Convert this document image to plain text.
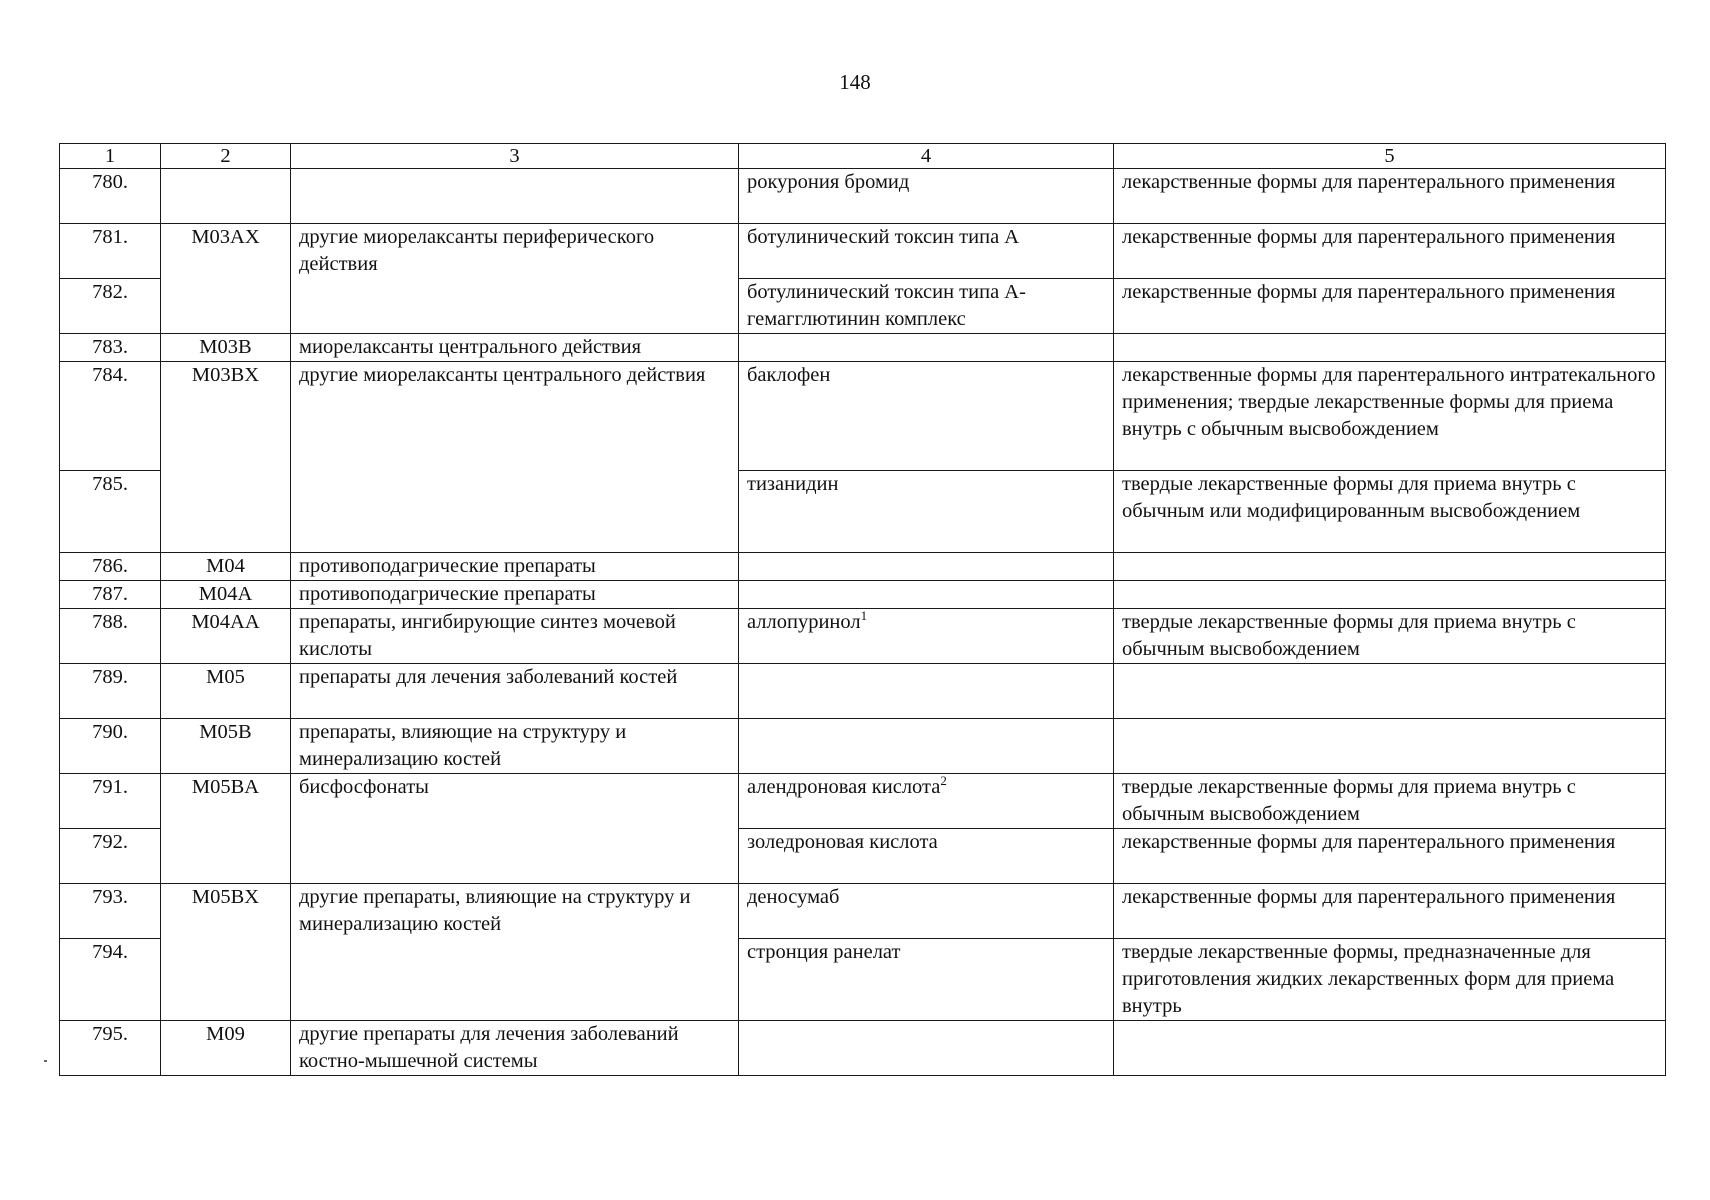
148
1	2	3	4	5
780.			рокурония бромид	лекарственные формы для парентерального применения
781.	M03AX	другие миорелаксанты периферического действия	ботулинический токсин типа А	лекарственные формы для парентерального применения
782.			ботулинический токсин типа А-гемагглютинин комплекс	лекарственные формы для парентерального применения
783.	M03B	миорелаксанты центрального действия		
784.	M03BX	другие миорелаксанты центрального действия	баклофен	лекарственные формы для парентерального интратекального применения; твердые лекарственные формы для приема внутрь с обычным высвобождением
785.			тизанидин	твердые лекарственные формы для приема внутрь с обычным или модифицированным высвобождением
786.	M04	противоподагрические препараты		
787.	M04A	противоподагрические препараты		
788.	M04AA	препараты, ингибирующие синтез мочевой кислоты	аллопуринол$^1$	твердые лекарственные формы для приема внутрь с обычным высвобождением
789.	M05	препараты для лечения заболеваний костей		
790.	M05B	препараты, влияющие на структуру и минерализацию костей		
791.	M05BA	бисфосфонаты	алендроновая кислота$^2$	твердые лекарственные формы для приема внутрь с обычным высвобождением
792.			золедроновая кислота	лекарственные формы для парентерального применения
793.	M05BX	другие препараты, влияющие на структуру и минерализацию костей	деносумаб	лекарственные формы для парентерального применения
794.			стронция ранелат	твердые лекарственные формы, предназначенные для приготовления жидких лекарственных форм для приема внутрь
795.	M09	другие препараты для лечения заболеваний костно-мышечной системы		
